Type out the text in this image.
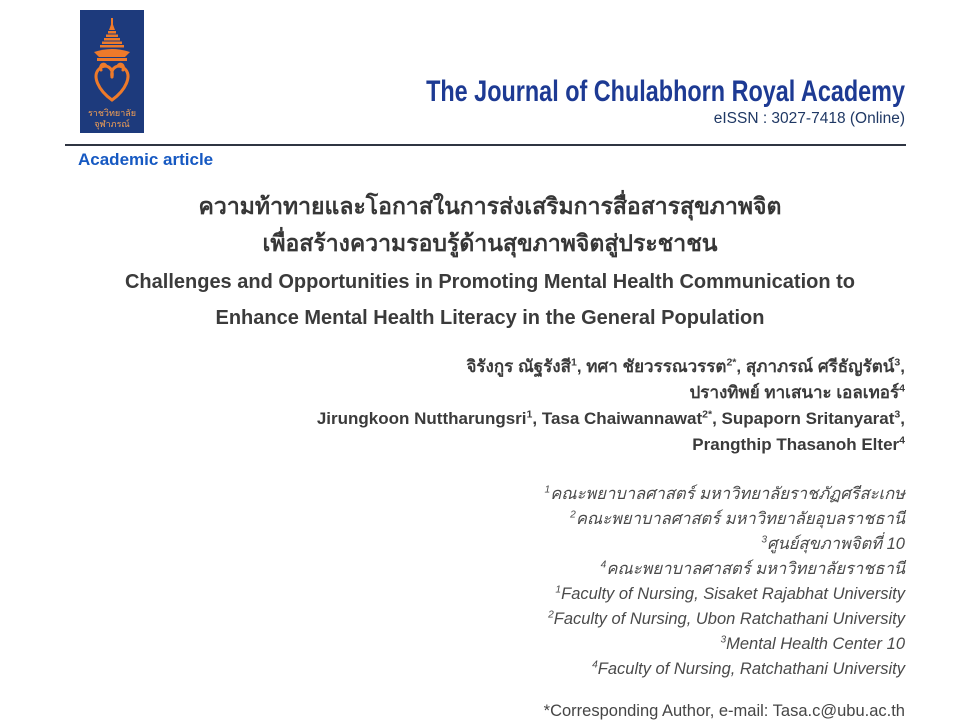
ราชวิทยาลัย
จุฬาภรณ์
The Journal of Chulabhorn Royal Academy
eISSN : 3027-7418 (Online)
Academic article
ความท้าทายและโอกาสในการส่งเสริมการสื่อสารสุขภาพจิต
เพื่อสร้างความรอบรู้ด้านสุขภาพจิตสู่ประชาชน
Challenges and Opportunities in Promoting Mental Health Communication to
Enhance Mental Health Literacy in the General Population
จิรังกูร ณัฐรังสี$^1$, ทศา ชัยวรรณวรรต$^{2*}$, สุภาภรณ์ ศรีธัญรัตน์$^3$,
ปรางทิพย์ ทาเสนาะ เอลเทอร์$^4$
Jirungkoon Nuttharungsri$^1$, Tasa Chaiwannawat$^{2*}$, Supaporn Sritanyarat$^3$,
Prangthip Thasanoh Elter$^4$
$^1$คณะพยาบาลศาสตร์ มหาวิทยาลัยราชภัฏศรีสะเกษ
$^2$คณะพยาบาลศาสตร์ มหาวิทยาลัยอุบลราชธานี
$^3$ศูนย์สุขภาพจิตที่ 10
$^4$คณะพยาบาลศาสตร์ มหาวิทยาลัยราชธานี
$^1$Faculty of Nursing, Sisaket Rajabhat University
$^2$Faculty of Nursing, Ubon Ratchathani University
$^3$Mental Health Center 10
$^4$Faculty of Nursing, Ratchathani University
*Corresponding Author, e-mail: Tasa.c@ubu.ac.th
